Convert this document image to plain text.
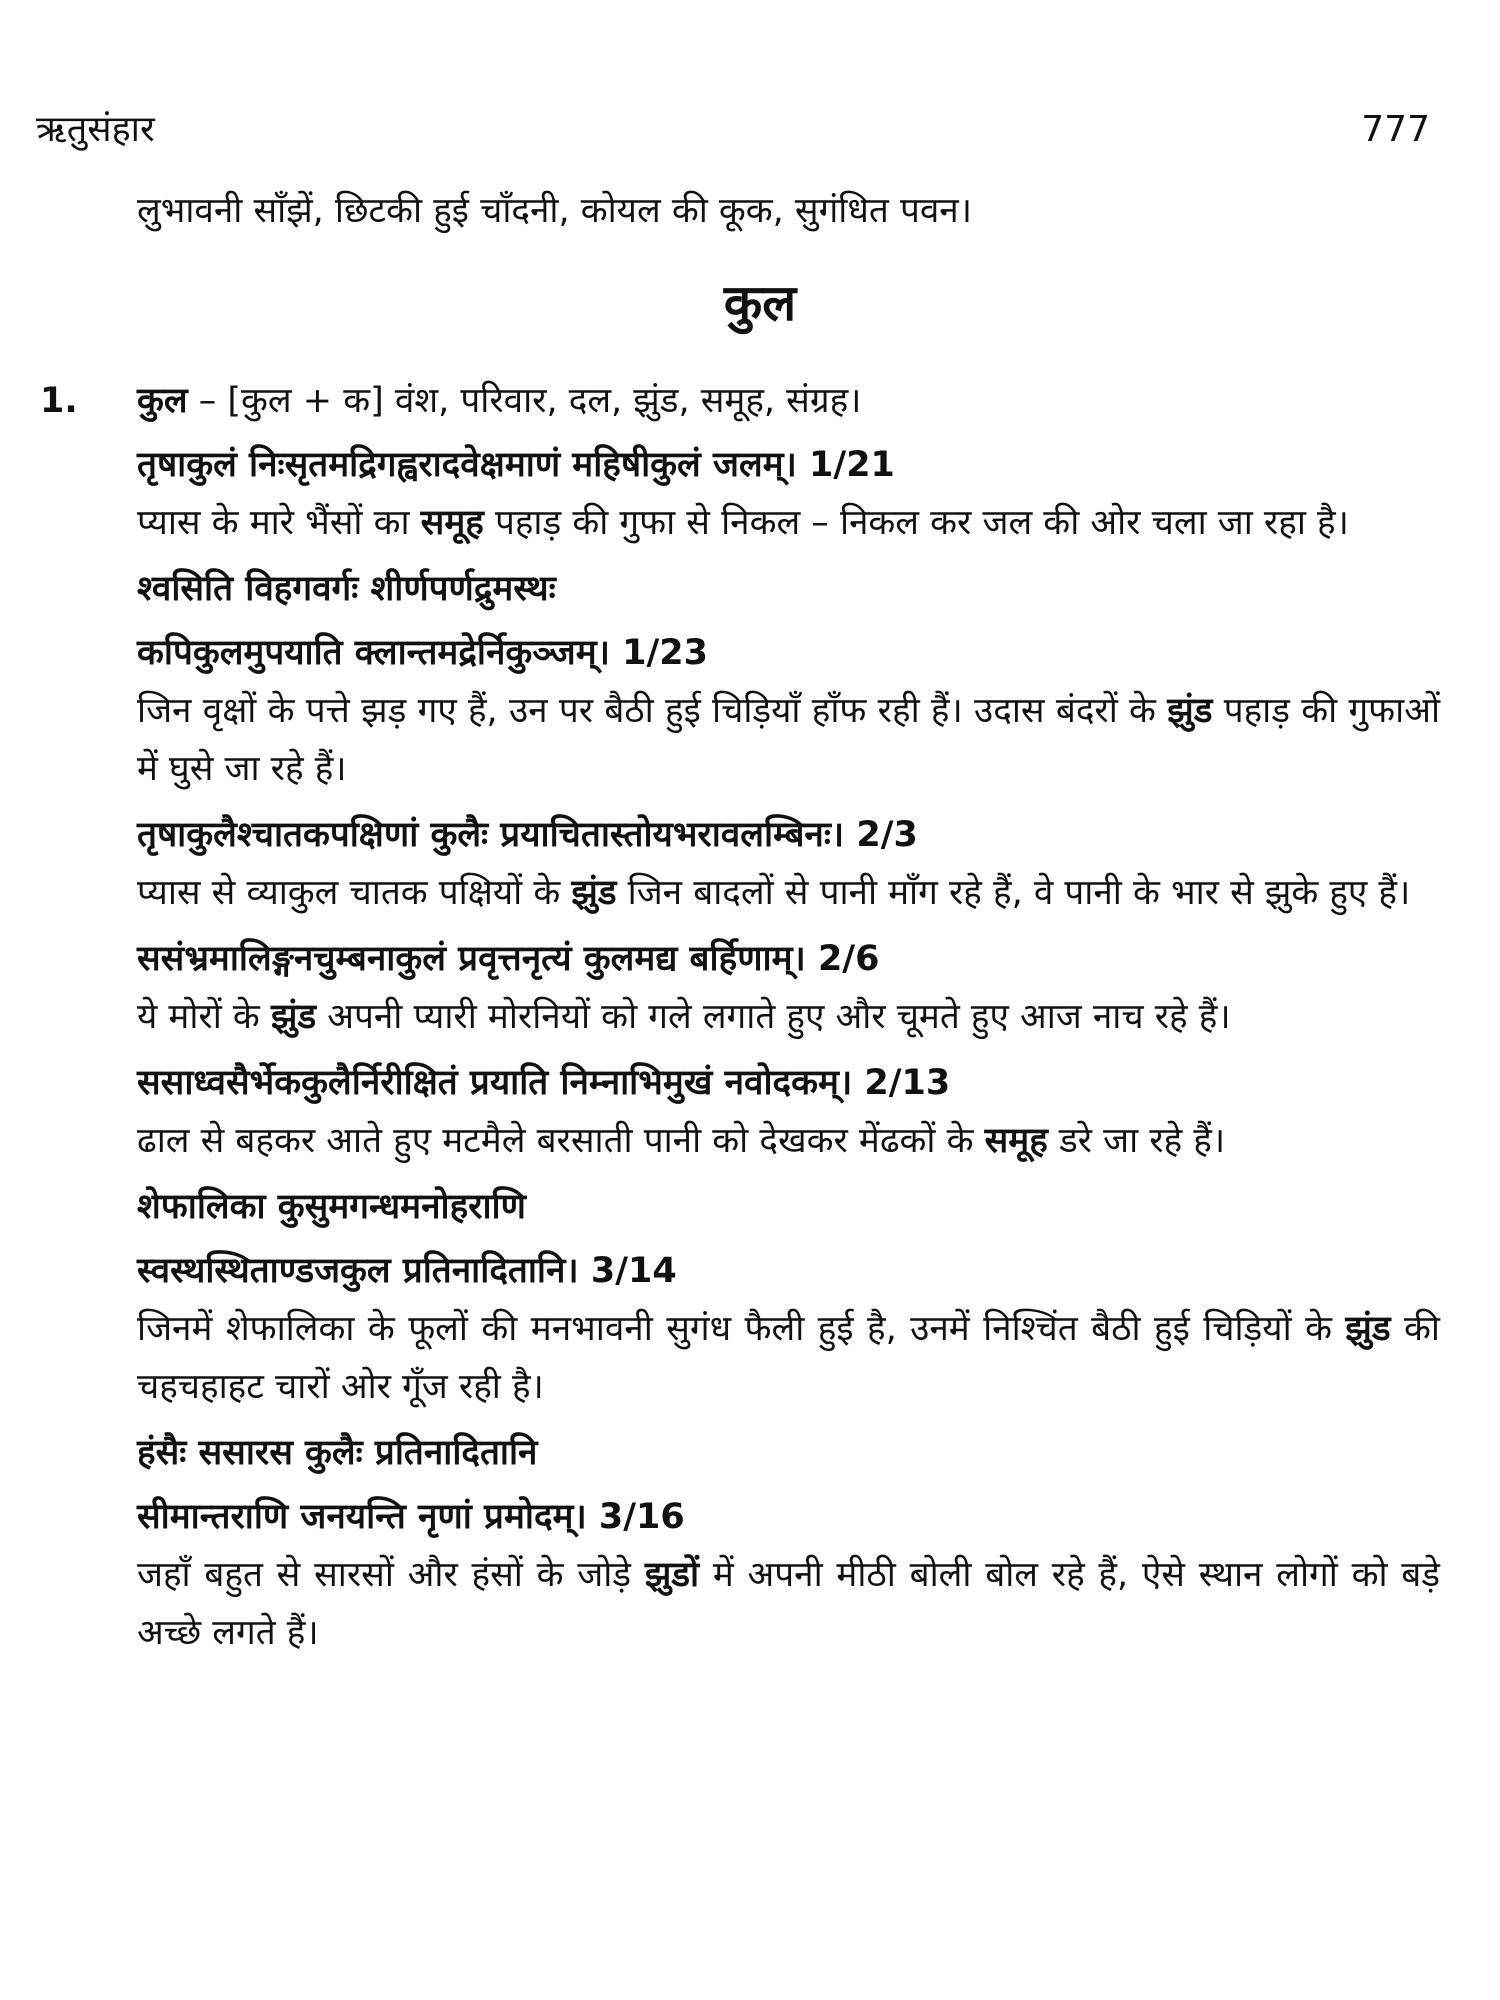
ऋतुसंहार	777
लुभावनी साँझें, छिटकी हुई चाँदनी, कोयल की कूक, सुगंधित पवन।
कुल
1. कुल – [कुल + क] वंश, परिवार, दल, झुंड, समूह, संग्रह।
तृषाकुलं निःसृतमद्रिगह्वरादवेक्षमाणं महिषीकुलं जलम्। 1/21
प्यास के मारे भैंसों का समूह पहाड़ की गुफा से निकल – निकल कर जल की ओर चला जा रहा है।
श्वसिति विहगवर्गः शीर्णपर्णद्रुमस्थः
कपिकुलमुपयाति क्लान्तमद्रेर्निकुञ्जम्। 1/23
जिन वृक्षों के पत्ते झड़ गए हैं, उन पर बैठी हुई चिड़ियाँ हाँफ रही हैं। उदास बंदरों के झुंड पहाड़ की गुफाओं में घुसे जा रहे हैं।
तृषाकुलैश्चातकपक्षिणां कुलैः प्रयाचितास्तोयभरावलम्बिनः। 2/3
प्यास से व्याकुल चातक पक्षियों के झुंड जिन बादलों से पानी माँग रहे हैं, वे पानी के भार से झुके हुए हैं।
ससंभ्रमालिङ्गनचुम्बनाकुलं प्रवृत्तनृत्यं कुलमद्य बर्हिणाम्। 2/6
ये मोरों के झुंड अपनी प्यारी मोरनियों को गले लगाते हुए और चूमते हुए आज नाच रहे हैं।
ससाध्वसैर्भेककुलैर्निरीक्षितं प्रयाति निम्नाभिमुखं नवोदकम्। 2/13
ढाल से बहकर आते हुए मटमैले बरसाती पानी को देखकर मेंढकों के समूह डरे जा रहे हैं।
शेफालिका कुसुमगन्धमनोहराणि
स्वस्थस्थिताण्डजकुल प्रतिनादितानि। 3/14
जिनमें शेफालिका के फूलों की मनभावनी सुगंध फैली हुई है, उनमें निश्चिंत बैठी हुई चिड़ियों के झुंड की चहचहाहट चारों ओर गूँज रही है।
हंसैः ससारस कुलैः प्रतिनादितानि
सीमान्तराणि जनयन्ति नृणां प्रमोदम्। 3/16
जहाँ बहुत से सारसों और हंसों के जोड़े झुडों में अपनी मीठी बोली बोल रहे हैं, ऐसे स्थान लोगों को बड़े अच्छे लगते हैं।
